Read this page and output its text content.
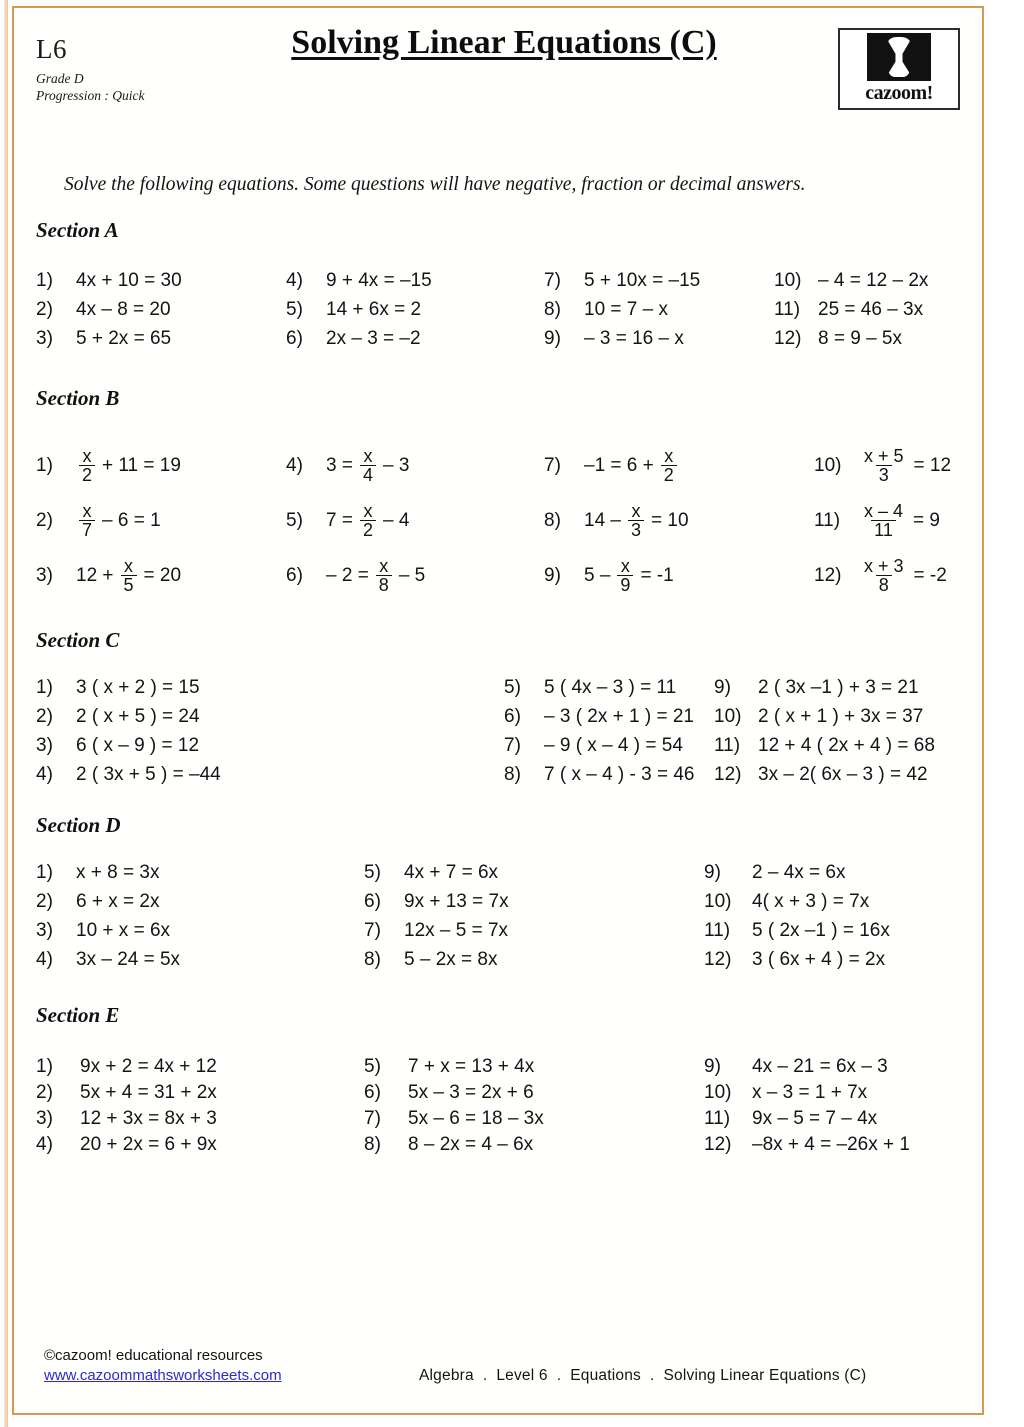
L6
Grade D
Progression : Quick
Solving Linear Equations (C)
cazoom!
Solve the following equations. Some questions will have negative, fraction or decimal answers.
Section A
1)	4x + 10 = 30
2)	4x – 8 = 20
3)	5 + 2x = 65
4)	9 + 4x = –15
5)	14 + 6x = 2
6)	2x – 3 = –2
7)	5 + 10x = –15
8)	10 = 7 – x
9)	– 3 = 16 – x
10) – 4 = 12 – 2x
11) 25 = 46 – 3x
12) 8 = 9 – 5x
Section B
1)	$\frac{x}{2} + 11 = 19$
2)	$\frac{x}{7} - 6 = 1$
3)	$12 + \frac{x}{5} = 20$
4)	$3 = \frac{x}{4} - 3$
5)	$7 = \frac{x}{2} - 4$
6)	– $2 = \frac{x}{8} - 5$
7)	$-1 = 6 + \frac{x}{2}$
8)	$14 - \frac{x}{3} = 10$
9)	$5 - \frac{x}{9} = -1$
10)	$\frac{x + 5}{3} = 12$
11)	$\frac{x - 4}{11} = 9$
12)	$\frac{x + 3}{8} = -2$
Section C
1)	3 ( x + 2 ) = 15
2)	2 ( x + 5 ) = 24
3)	6 ( x – 9 ) = 12
4)	2 ( 3x + 5 ) = –44
5)	5 ( 4x – 3 ) = 11
6)	– 3 ( 2x + 1 ) = 21
7)	– 9 ( x – 4 ) = 54
8)	7 ( x – 4 ) - 3 = 46
9)	2 ( 3x –1 ) + 3 = 21
10) 2 ( x + 1 ) + 3x = 37
11) 12 + 4 ( 2x + 4 ) = 68
12) 3x – 2( 6x – 3 ) = 42
Section D
1)	x + 8 = 3x
2)	6 + x = 2x
3)	10 + x = 6x
4)	3x – 24 = 5x
5)	4x + 7 = 6x
6)	9x + 13 = 7x
7)	12x – 5 = 7x
8)	5 – 2x = 8x
9)	2 – 4x = 6x
10)	4( x + 3 ) = 7x
11)	5 ( 2x –1 ) = 16x
12)	3 ( 6x + 4 ) = 2x
Section E
1)	9x + 2 = 4x + 12
2)	5x + 4 = 31 + 2x
3)	12 + 3x = 8x + 3
4)	20 + 2x = 6 + 9x
5)	7 + x = 13 + 4x
6)	5x – 3 = 2x + 6
7)	5x – 6 = 18 – 3x
8)	8 – 2x = 4 – 6x
9)	4x – 21 = 6x – 3
10)	x – 3 = 1 + 7x
11)	9x – 5 = 7 – 4x
12)	–8x + 4 = –26x + 1
©cazoom! educational resources
www.cazoommathsworksheets.com	Algebra . Level 6 . Equations . Solving Linear Equations (C)
